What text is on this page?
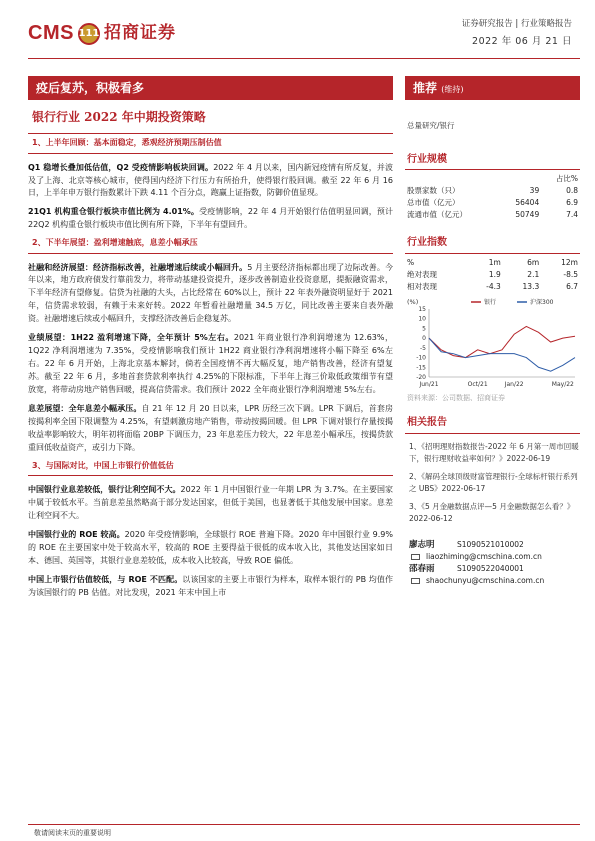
CMS 111 招商证券	证券研究报告 | 行业策略报告
2022 年 06 月 21 日
疫后复苏，积极看多
银行行业 2022 年中期投资策略
1、上半年回顾：基本面稳定，悉观经济预期压制估值

Q1 稳增长叠加低估值，Q2 受疫情影响板块回调。2022 年 4 月以来，国内新冠疫情有所反复，并波及了上海、北京等核心城市，使得国内经济下行压力有所抬升，使得银行股回调。截至 22 年 6 月 16 日，上半年申万银行指数累计下跌 4.11 个百分点，跑赢上证指数，防御价值显现。

21Q1 机构重仓银行板块市值比例为 4.01%。受疫情影响，22 年 4 月开始银行估值明显回调，预计 22Q2 机构重仓银行板块市值比例有所下降，下半年有望回升。

2、下半年展望：盈利增速触底，息差小幅承压

社融和经济展望：经济指标改善，社融增速后续或小幅回升。5 月主要经济指标都出现了边际改善。今年以来，地方政府债发行靠前发力，将带动基建投资提升，逐步改善制造业投资意愿，提振融资需求，下半年经济有望修复。信贷为社融的大头，占比经常在 60%以上，预计 22 年表外融资明显好于 2021 年，信贷需求较弱，有赖于未来好转。2022 年暂看社融增量 34.5 万亿，同比改善主要来自表外融资。社融增速后续或小幅回升，支撑经济改善后企稳复苏。

业绩展望：1H22 盈利增速下降，全年预计 5%左右。2021 年商业银行净利润增速为 12.63%，1Q22 净利润增速为 7.35%，受疫情影响我们预计 1H22 商业银行净利润增速将小幅下降至 6%左右。22 年 6 月开始，上海北京基本解封，倘若全国疫情不再大幅反复，地产销售改善，经济有望复苏。截至 22 年 6 月，多地首套贷款利率执行 4.25%的下限标准，下半年上海三价取低政策细节有望放宽，将带动房地产销售回暖，提高信贷需求。我们预计 2022 全年商业银行净利润增速 5%左右。

息差展望：全年息差小幅承压。自 21 年 12 月 20 日以来，LPR 历经三次下调。LPR 下调后，首套房按揭利率全国下限调整为 4.25%，有望刺激房地产销售，带动按揭回暖。但 LPR 下调对银行存量按揭收益率影响较大，明年初将面临 20BP 下调压力，23 年息差压力较大，22 年息差小幅承压，按揭贷款重回低收益资产，或引力下降。

3、与国际对比，中国上市银行价值低估

中国银行业息差较低，银行让利空间不大。2022 年 1 月中国银行业一年期 LPR 为 3.7%。在主要国家中属于较低水平。当前息差虽然略高于部分发达国家，但低于美国，也显著低于其他发展中国家。息差让利空间不大。

中国银行业的 ROE 较高。2020 年受疫情影响，全球银行 ROE 普遍下降。2020 年中国银行业 9.9%的 ROE 在主要国家中处于较高水平，较高的 ROE 主要得益于很低的成本收入比，其他发达国家如日本、德国、英国等，其银行业息差较低，成本收入比较高，导致 ROE 偏低。

中国上市银行估值较低，与 ROE 不匹配。以该国家的主要上市银行为样本，取样本银行的 PB 均值作为该国银行的 PB 估值。对比发现，2021 年末中国上市

推荐 (维持)
总量研究/银行
行业规模
		占比%
股票家数（只）	39	0.8
总市值（亿元）	56404	6.9
流通市值（亿元）	50749	7.4
行业指数
%	1m	6m	12m
绝对表现	1.9	2.1	-8.5
相对表现	-4.3	13.3	6.7
(%)
15
10
5
0
-5
-10
-15
-20
Jun/21	Oct/21	Jan/22	May/22
银行	沪深300
资料来源：公司数据、招商证券
相关报告
1、《招明理财指数报告-2022 年 6 月第一周市回暖下，银行理财收益率如何？》2022-06-19
2、《解码全球顶级财富管理银行-全球标杆银行系列之 UBS》2022-06-17
3、《5 月金融数据点评—5 月金融数据怎么看？》2022-06-12
廖志明	S1090521010002
liaozhiming@cmschina.com.cn
邵春雨	S1090522040001
shaochunyu@cmschina.com.cn
敬请阅读末页的重要说明
